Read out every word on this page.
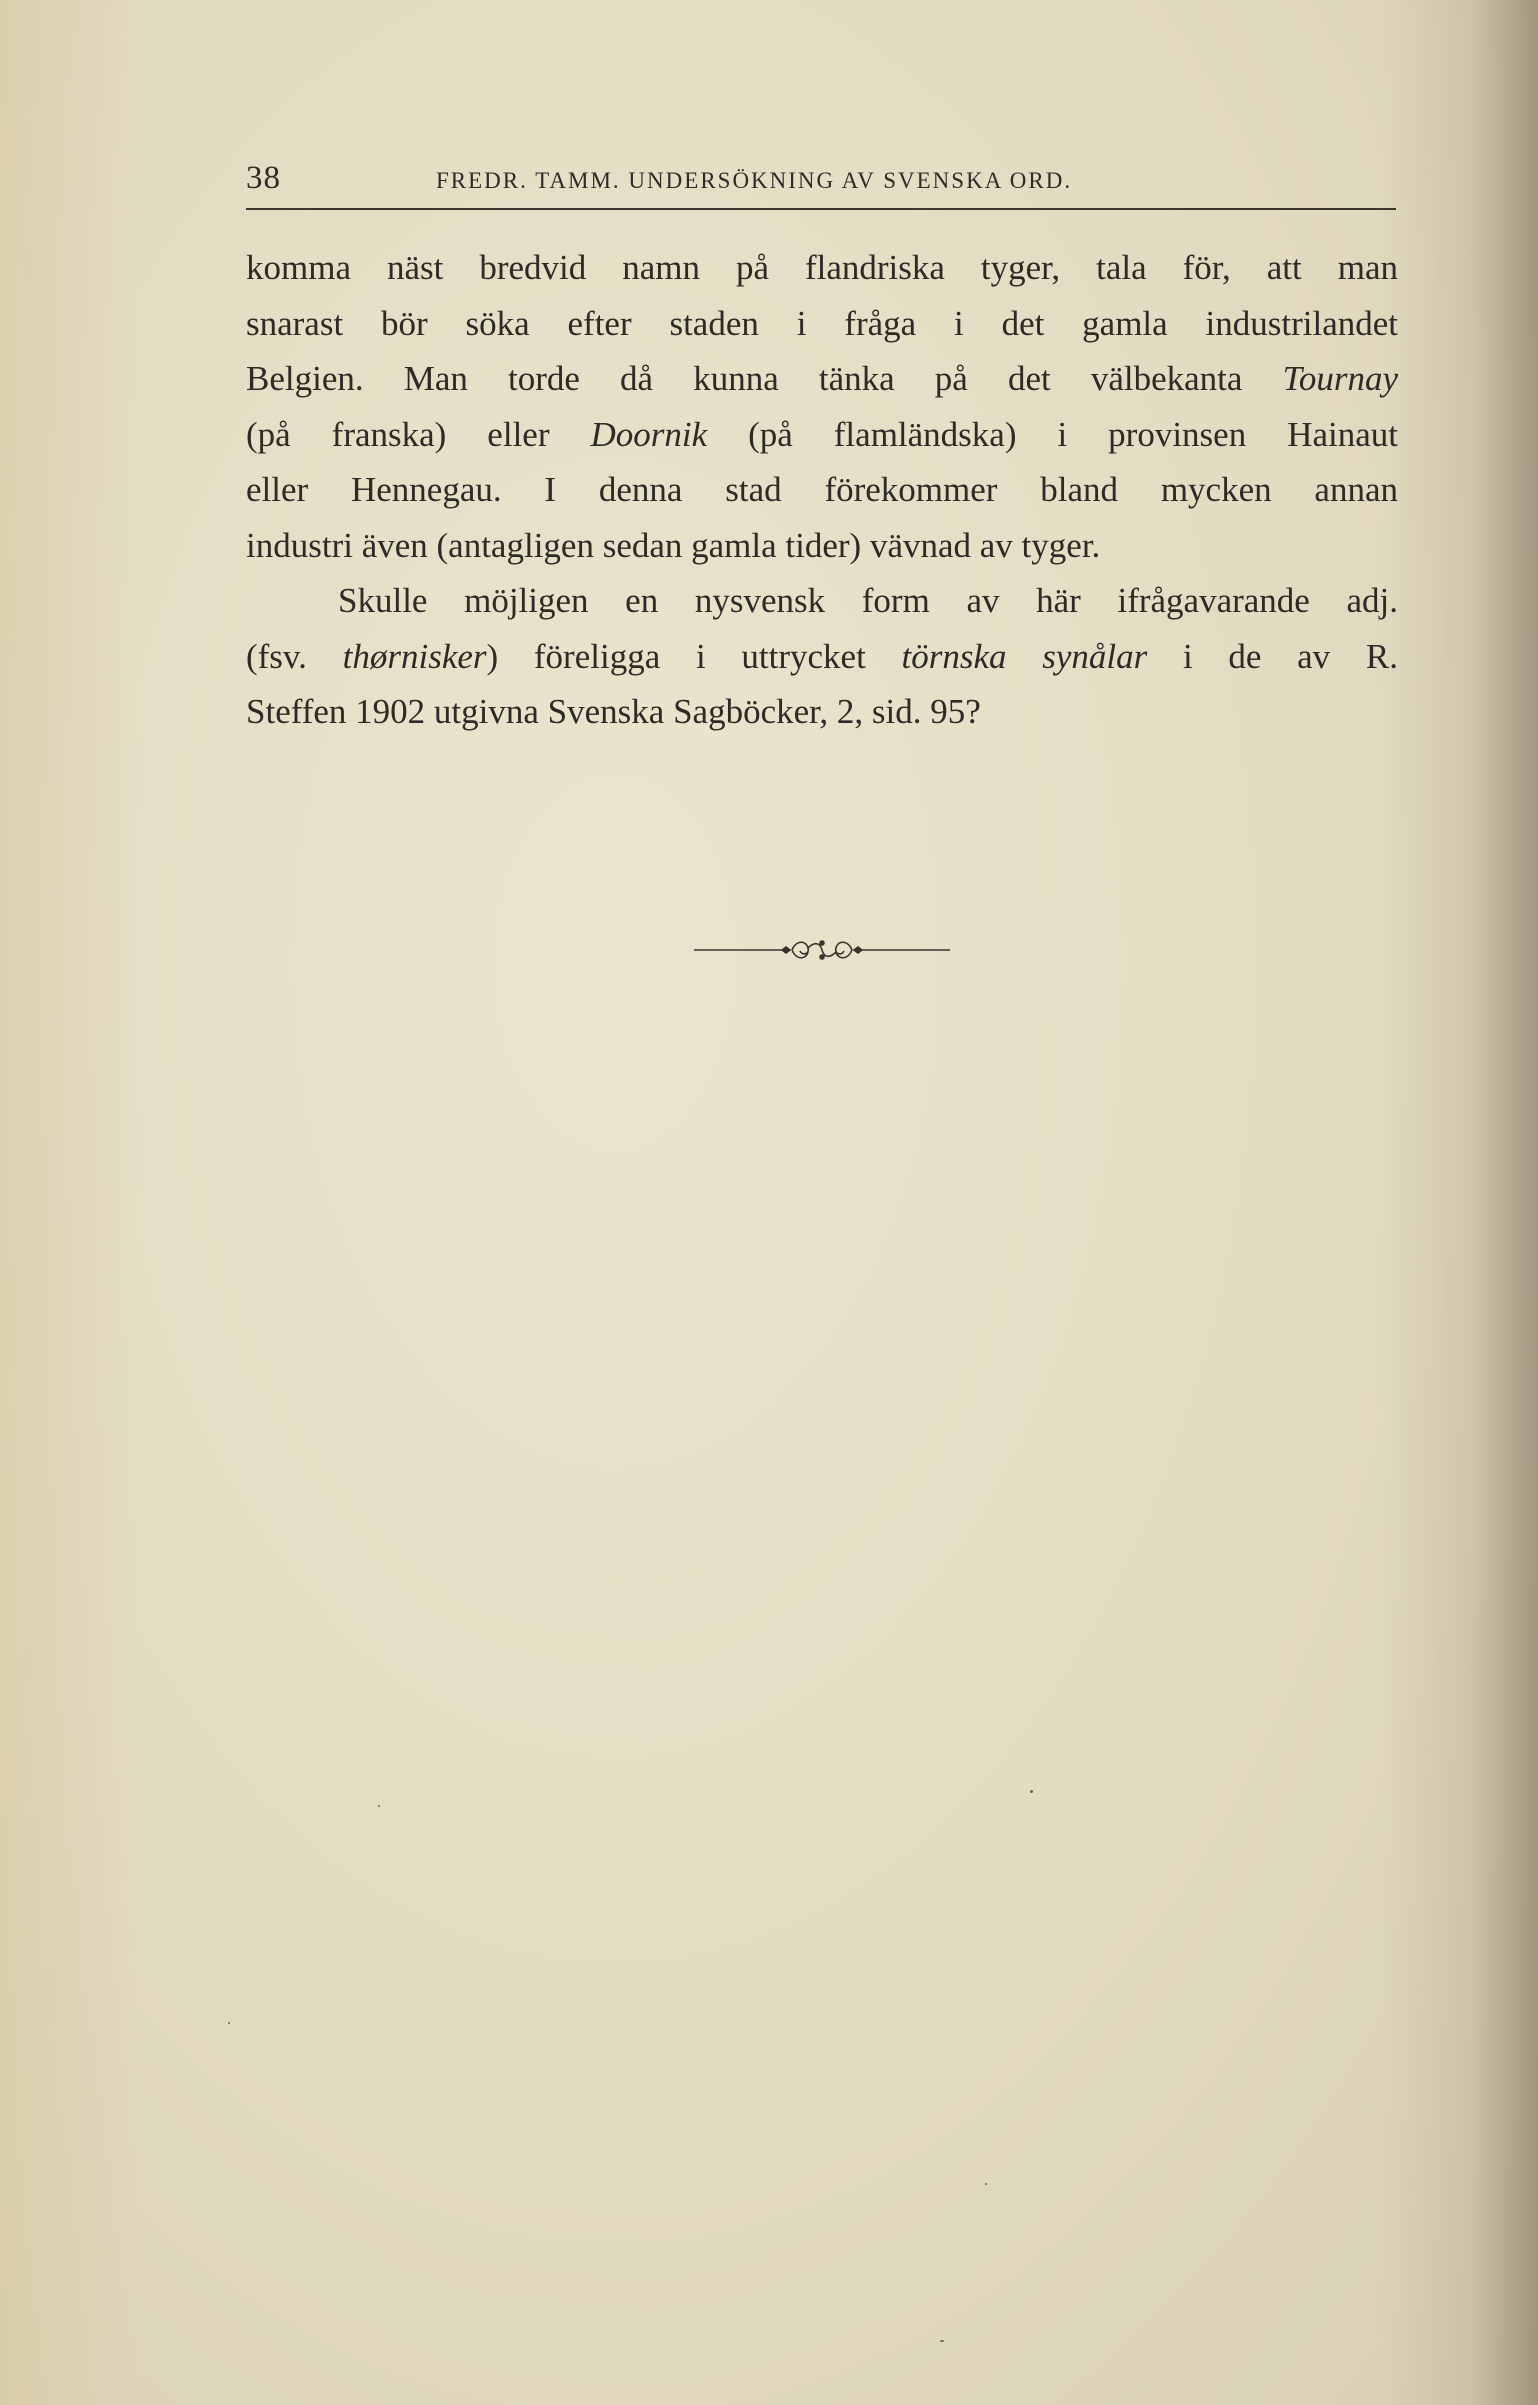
38	FREDR. TAMM. UNDERSÖKNING AV SVENSKA ORD.
komma näst bredvid namn på flandriska tyger, tala för, att man
snarast bör söka efter staden i fråga i det gamla industrilandet
Belgien. Man torde då kunna tänka på det välbekanta Tournay
(på franska) eller Doornik (på flamländska) i provinsen Hainaut
eller Hennegau. I denna stad förekommer bland mycken annan
industri även (antagligen sedan gamla tider) vävnad av tyger.
Skulle möjligen en nysvensk form av här ifrågavarande adj.
(fsv. thørnisker) föreligga i uttrycket törnska synålar i de av R.
Steffen 1902 utgivna Svenska Sagböcker, 2, sid. 95?
